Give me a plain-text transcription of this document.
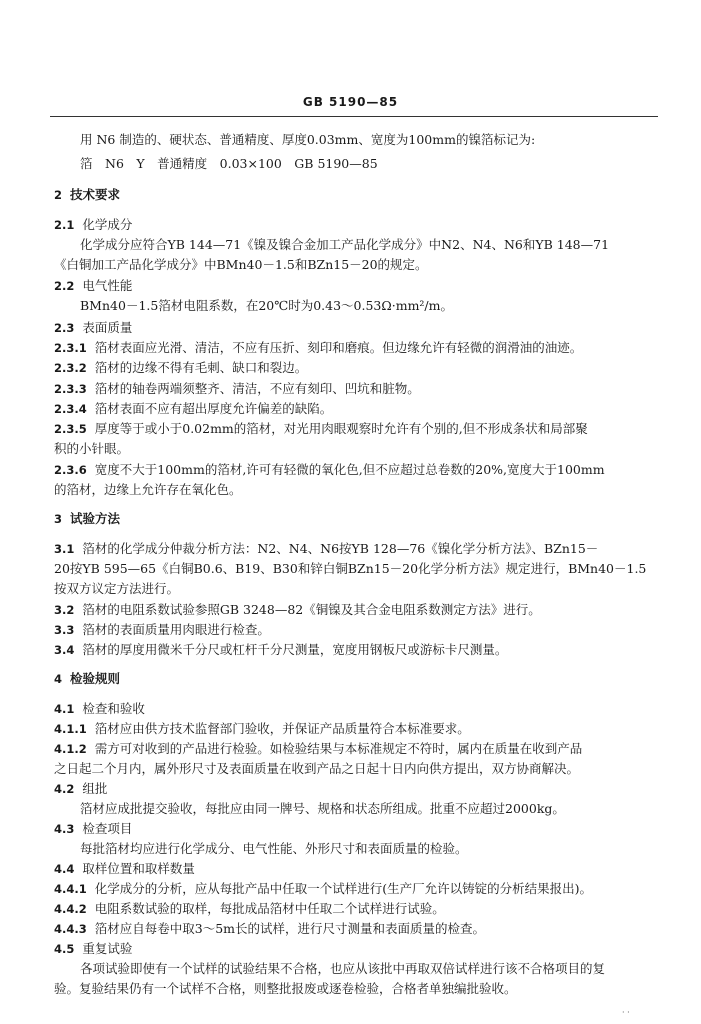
GB 5190—85
用 N6 制造的、硬状态、普通精度、厚度0.03mm、宽度为100mm的镍箔标记为:
箔　N6　Y　普通精度　0.03×100　GB 5190—85
2 技术要求
2.1 化学成分
化学成分应符合YB 144—71《镍及镍合金加工产品化学成分》中N2、N4、N6和YB 148—71
《白铜加工产品化学成分》中BMn40－1.5和BZn15－20的规定。
2.2 电气性能
BMn40－1.5箔材电阻系数，在20℃时为0.43～0.53Ω·mm²/m。
2.3 表面质量
2.3.1 箔材表面应光滑、清洁，不应有压折、刻印和磨痕。但边缘允许有轻微的润滑油的油迹。
2.3.2 箔材的边缘不得有毛刺、缺口和裂边。
2.3.3 箔材的轴卷两端须整齐、清洁，不应有刻印、凹坑和脏物。
2.3.4 箔材表面不应有超出厚度允许偏差的缺陷。
2.3.5 厚度等于或小于0.02mm的箔材，对光用肉眼观察时允许有个别的,但不形成条状和局部聚
积的小针眼。
2.3.6 宽度不大于100mm的箔材,许可有轻微的氧化色,但不应超过总卷数的20%,宽度大于100mm
的箔材，边缘上允许存在氧化色。
3 试验方法
3.1 箔材的化学成分仲裁分析方法：N2、N4、N6按YB 128—76《镍化学分析方法》、BZn15－
20按YB 595—65《白铜B0.6、B19、B30和锌白铜BZn15－20化学分析方法》规定进行，BMn40－1.5
按双方议定方法进行。
3.2 箔材的电阻系数试验参照GB 3248—82《铜镍及其合金电阻系数测定方法》进行。
3.3 箔材的表面质量用肉眼进行检查。
3.4 箔材的厚度用微米千分尺或杠杆千分尺测量，宽度用钢板尺或游标卡尺测量。
4 检验规则
4.1 检查和验收
4.1.1 箔材应由供方技术监督部门验收，并保证产品质量符合本标准要求。
4.1.2 需方可对收到的产品进行检验。如检验结果与本标准规定不符时，属内在质量在收到产品
之日起二个月内，属外形尺寸及表面质量在收到产品之日起十日内向供方提出，双方协商解决。
4.2 组批
箔材应成批提交验收，每批应由同一牌号、规格和状态所组成。批重不应超过2000kg。
4.3 检查项目
每批箔材均应进行化学成分、电气性能、外形尺寸和表面质量的检验。
4.4 取样位置和取样数量
4.4.1 化学成分的分析，应从每批产品中任取一个试样进行(生产厂允许以铸锭的分析结果报出)。
4.4.2 电阻系数试验的取样，每批成品箔材中任取二个试样进行试验。
4.4.3 箔材应自每卷中取3～5m长的试样，进行尺寸测量和表面质量的检查。
4.5 重复试验
各项试验即使有一个试样的试验结果不合格，也应从该批中再取双倍试样进行该不合格项目的复
验。复验结果仍有一个试样不合格，则整批报废或逐卷检验，合格者单独编批验收。
· ·
